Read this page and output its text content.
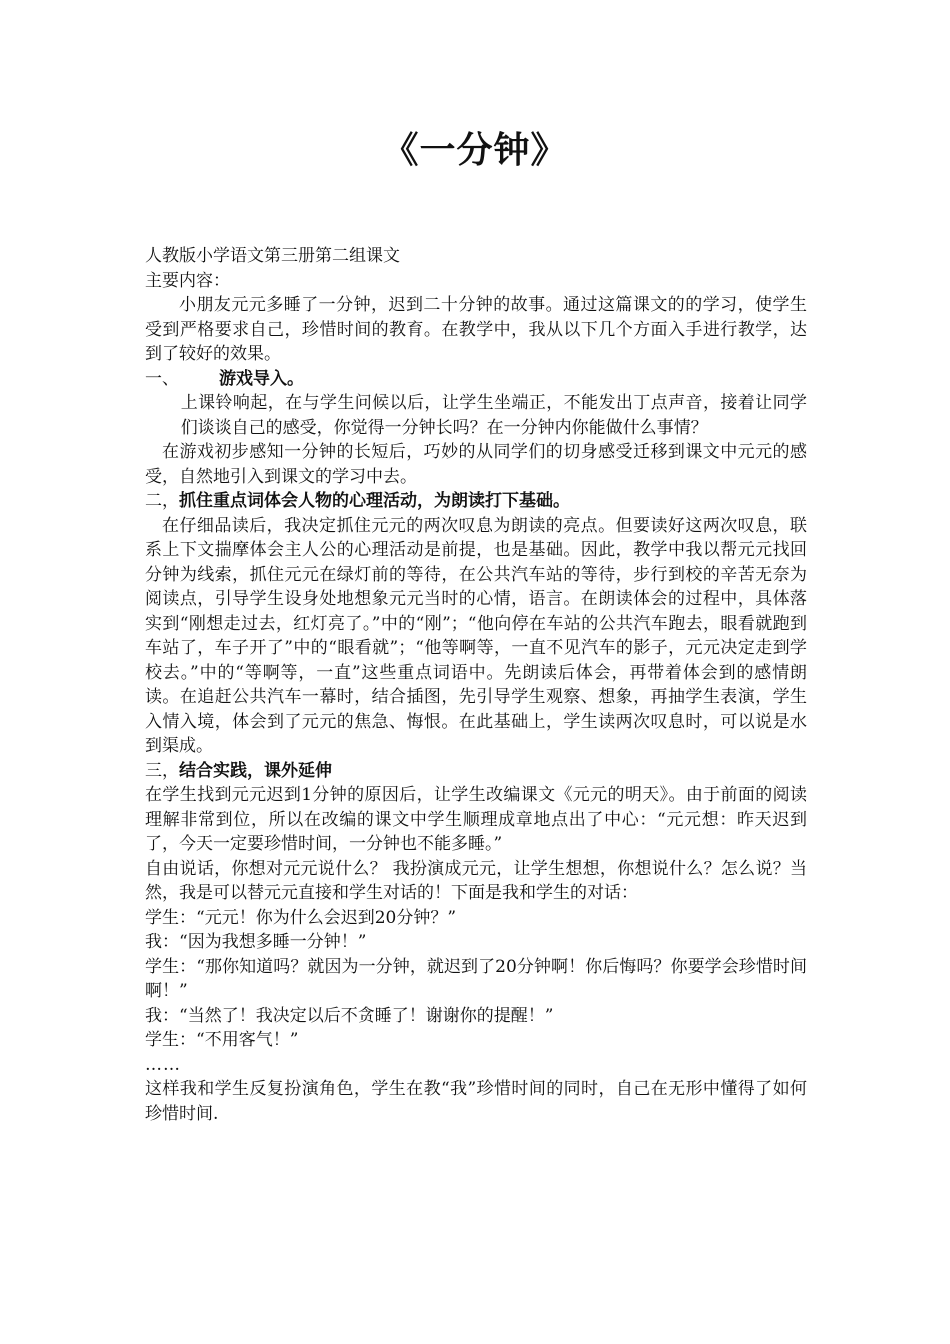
《一分钟》

人教版小学语文第三册第二组课文

主要内容：

小朋友元元多睡了一分钟，迟到二十分钟的故事。通过这篇课文的的学习，使学生受到严格要求自己，珍惜时间的教育。在教学中，我从以下几个方面入手进行教学，达到了较好的效果。

一、 游戏导入。

上课铃响起，在与学生问候以后，让学生坐端正，不能发出丁点声音，接着让同学们谈谈自己的感受，你觉得一分钟长吗？在一分钟内你能做什么事情？

在游戏初步感知一分钟的长短后，巧妙的从同学们的切身感受迁移到课文中元元的感受，自然地引入到课文的学习中去。

二，抓住重点词体会人物的心理活动，为朗读打下基础。

在仔细品读后，我决定抓住元元的两次叹息为朗读的亮点。但要读好这两次叹息，联系上下文揣摩体会主人公的心理活动是前提，也是基础。因此，教学中我以帮元元找回分钟为线索，抓住元元在绿灯前的等待，在公共汽车站的等待，步行到校的辛苦无奈为阅读点，引导学生设身处地想象元元当时的心情，语言。在朗读体会的过程中，具体落实到“刚想走过去，红灯亮了。”中的“刚”；“他向停在车站的公共汽车跑去，眼看就跑到车站了，车子开了”中的“眼看就”；“他等啊等，一直不见汽车的影子，元元决定走到学校去。”中的“等啊等，一直”这些重点词语中。先朗读后体会，再带着体会到的感情朗读。在追赶公共汽车一幕时，结合插图，先引导学生观察、想象，再抽学生表演，学生入情入境，体会到了元元的焦急、悔恨。在此基础上，学生读两次叹息时，可以说是水到渠成。

三，结合实践，课外延伸

在学生找到元元迟到1分钟的原因后，让学生改编课文《元元的明天》。由于前面的阅读理解非常到位，所以在改编的课文中学生顺理成章地点出了中心：“元元想：昨天迟到了，今天一定要珍惜时间，一分钟也不能多睡。”

自由说话，你想对元元说什么？ 我扮演成元元，让学生想想，你想说什么？怎么说？当然，我是可以替元元直接和学生对话的！下面是我和学生的对话：

学生：“元元！你为什么会迟到20分钟？”

我：“因为我想多睡一分钟！”

学生：“那你知道吗？就因为一分钟，就迟到了20分钟啊！你后悔吗？你要学会珍惜时间啊！”

我：“当然了！我决定以后不贪睡了！谢谢你的提醒！”

学生：“不用客气！”

……

这样我和学生反复扮演角色，学生在教“我”珍惜时间的同时，自己在无形中懂得了如何珍惜时间.
